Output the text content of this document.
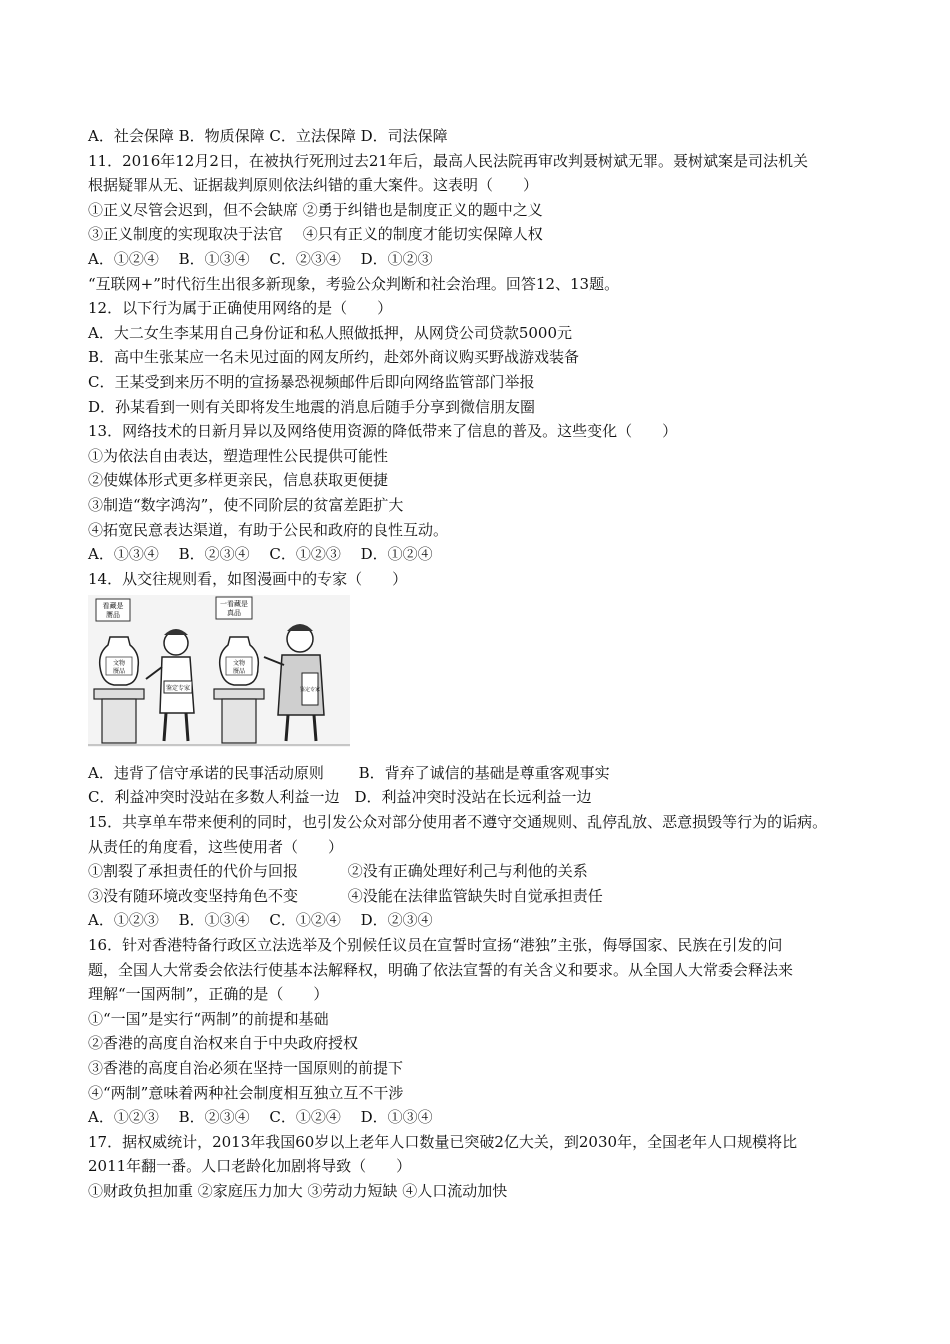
A．社会保障 B．物质保障 C．立法保障 D．司法保障
11．2016年12月2日，在被执行死刑过去21年后，最高人民法院再审改判聂树斌无罪。聂树斌案是司法机关
根据疑罪从无、证据裁判原则依法纠错的重大案件。这表明（　　）
①正义尽管会迟到，但不会缺席 ②勇于纠错也是制度正义的题中之义
③正义制度的实现取决于法官　 ④只有正义的制度才能切实保障人权
A．①②④　 B．①③④　 C．②③④　 D．①②③
“互联网+”时代衍生出很多新现象，考验公众判断和社会治理。回答12、13题。
12．以下行为属于正确使用网络的是（　　）
A．大二女生李某用自己身份证和私人照做抵押，从网贷公司贷款5000元
B．高中生张某应一名未见过面的网友所约，赴郊外商议购买野战游戏装备
C．王某受到来历不明的宣扬暴恐视频邮件后即向网络监管部门举报
D．孙某看到一则有关即将发生地震的消息后随手分享到微信朋友圈
13．网络技术的日新月异以及网络使用资源的降低带来了信息的普及。这些变化（　　）
①为依法自由表达，塑造理性公民提供可能性
②使媒体形式更多样更亲民，信息获取更便捷
③制造“数字鸿沟”，使不同阶层的贫富差距扩大
④拓宽民意表达渠道，有助于公民和政府的良性互动。
A．①③④　 B．②③④　 C．①②③　 D．①②④
14．从交往规则看，如图漫画中的专家（　　）
看藏是
赝品
文物
赝品
鉴定专家
一看藏是
真品
文物
赝品
鉴定专家
A．违背了信守承诺的民事活动原则　　 B．背弃了诚信的基础是尊重客观事实
C．利益冲突时没站在多数人利益一边　D．利益冲突时没站在长远利益一边
15．共享单车带来便利的同时，也引发公众对部分使用者不遵守交通规则、乱停乱放、恶意损毁等行为的诟病。
从责任的角度看，这些使用者（　　）
①割裂了承担责任的代价与回报　　　 ②没有正确处理好利己与利他的关系
③没有随环境改变坚持角色不变　　　 ④没能在法律监管缺失时自觉承担责任
A．①②③　 B．①③④　 C．①②④　 D．②③④
16．针对香港特备行政区立法选举及个别候任议员在宣誓时宣扬“港独”主张，侮辱国家、民族在引发的问
题，全国人大常委会依法行使基本法解释权，明确了依法宣誓的有关含义和要求。从全国人大常委会释法来
理解“一国两制”，正确的是（　　）
①“一国”是实行“两制”的前提和基础
②香港的高度自治权来自于中央政府授权
③香港的高度自治必须在坚持一国原则的前提下
④“两制”意味着两种社会制度相互独立互不干涉
A．①②③　 B．②③④　 C．①②④　 D．①③④
17．据权威统计，2013年我国60岁以上老年人口数量已突破2亿大关，到2030年，全国老年人口规模将比
2011年翻一番。人口老龄化加剧将导致（　　）
①财政负担加重 ②家庭压力加大 ③劳动力短缺 ④人口流动加快
